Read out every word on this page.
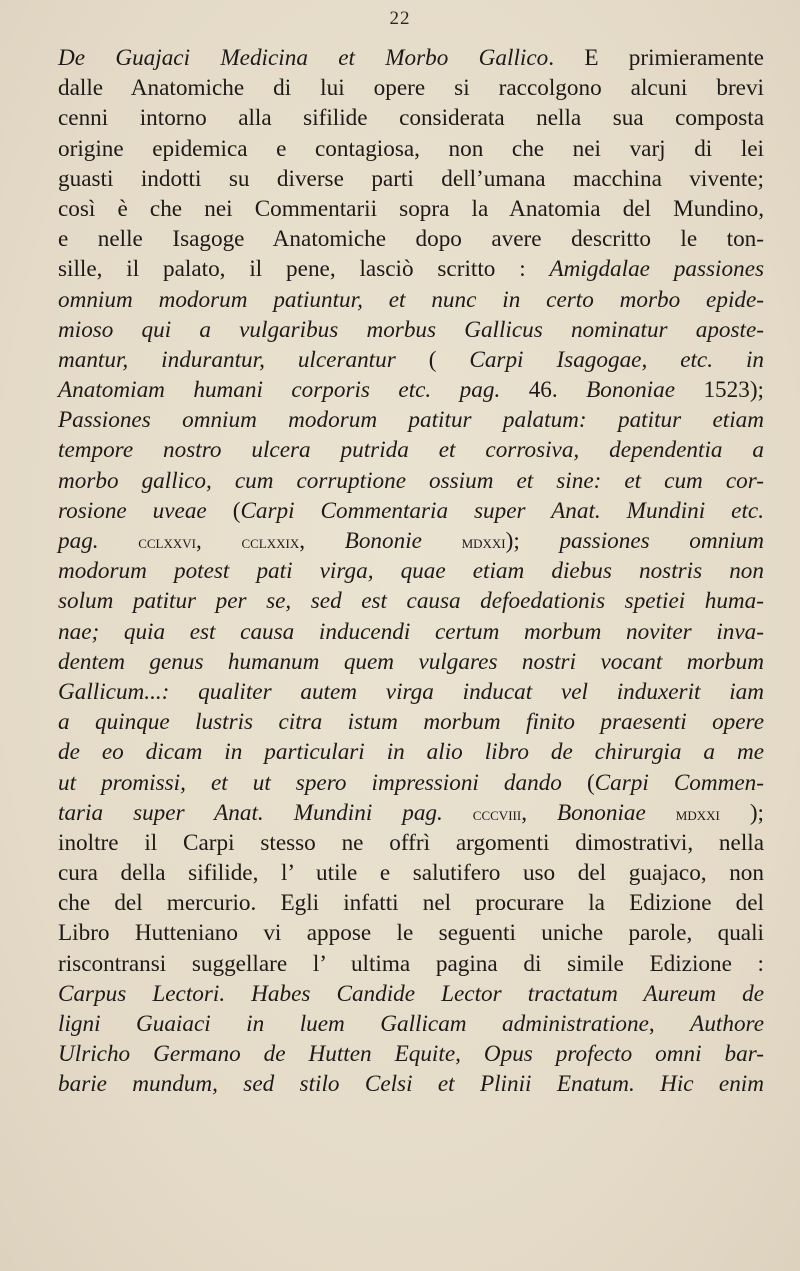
22
De Guajaci Medicina et Morbo Gallico. E primieramente
dalle Anatomiche di lui opere si raccolgono alcuni brevi
cenni intorno alla sifilide considerata nella sua composta
origine epidemica e contagiosa, non che nei varj di lei
guasti indotti su diverse parti dell’umana macchina vivente;
così è che nei Commentarii sopra la Anatomia del Mundino,
e nelle Isagoge Anatomiche dopo avere descritto le ton-
sille, il palato, il pene, lasciò scritto : Amigdalae passiones
omnium modorum patiuntur, et nunc in certo morbo epide-
mioso qui a vulgaribus morbus Gallicus nominatur aposte-
mantur, indurantur, ulcerantur ( Carpi Isagogae, etc. in
Anatomiam humani corporis etc. pag. 46. Bononiae 1523);
Passiones omnium modorum patitur palatum: patitur etiam
tempore nostro ulcera putrida et corrosiva, dependentia a
morbo gallico, cum corruptione ossium et sine: et cum cor-
rosione uveae (Carpi Commentaria super Anat. Mundini etc.
pag. cclxxvi, cclxxix, Bononie mdxxi); passiones omnium
modorum potest pati virga, quae etiam diebus nostris non
solum patitur per se, sed est causa defoedationis spetiei huma-
nae; quia est causa inducendi certum morbum noviter inva-
dentem genus humanum quem vulgares nostri vocant morbum
Gallicum...: qualiter autem virga inducat vel induxerit iam
a quinque lustris citra istum morbum finito praesenti opere
de eo dicam in particulari in alio libro de chirurgia a me
ut promissi, et ut spero impressioni dando (Carpi Commen-
taria super Anat. Mundini pag. cccviii, Bononiae mdxxi );
inoltre il Carpi stesso ne offrì argomenti dimostrativi, nella
cura della sifilide, l’ utile e salutifero uso del guajaco, non
che del mercurio. Egli infatti nel procurare la Edizione del
Libro Hutteniano vi appose le seguenti uniche parole, quali
riscontransi suggellare l’ ultima pagina di simile Edizione :
Carpus Lectori. Habes Candide Lector tractatum Aureum de
ligni Guaiaci in luem Gallicam administratione, Authore
Ulricho Germano de Hutten Equite, Opus profecto omni bar-
barie mundum, sed stilo Celsi et Plinii Enatum. Hic enim
